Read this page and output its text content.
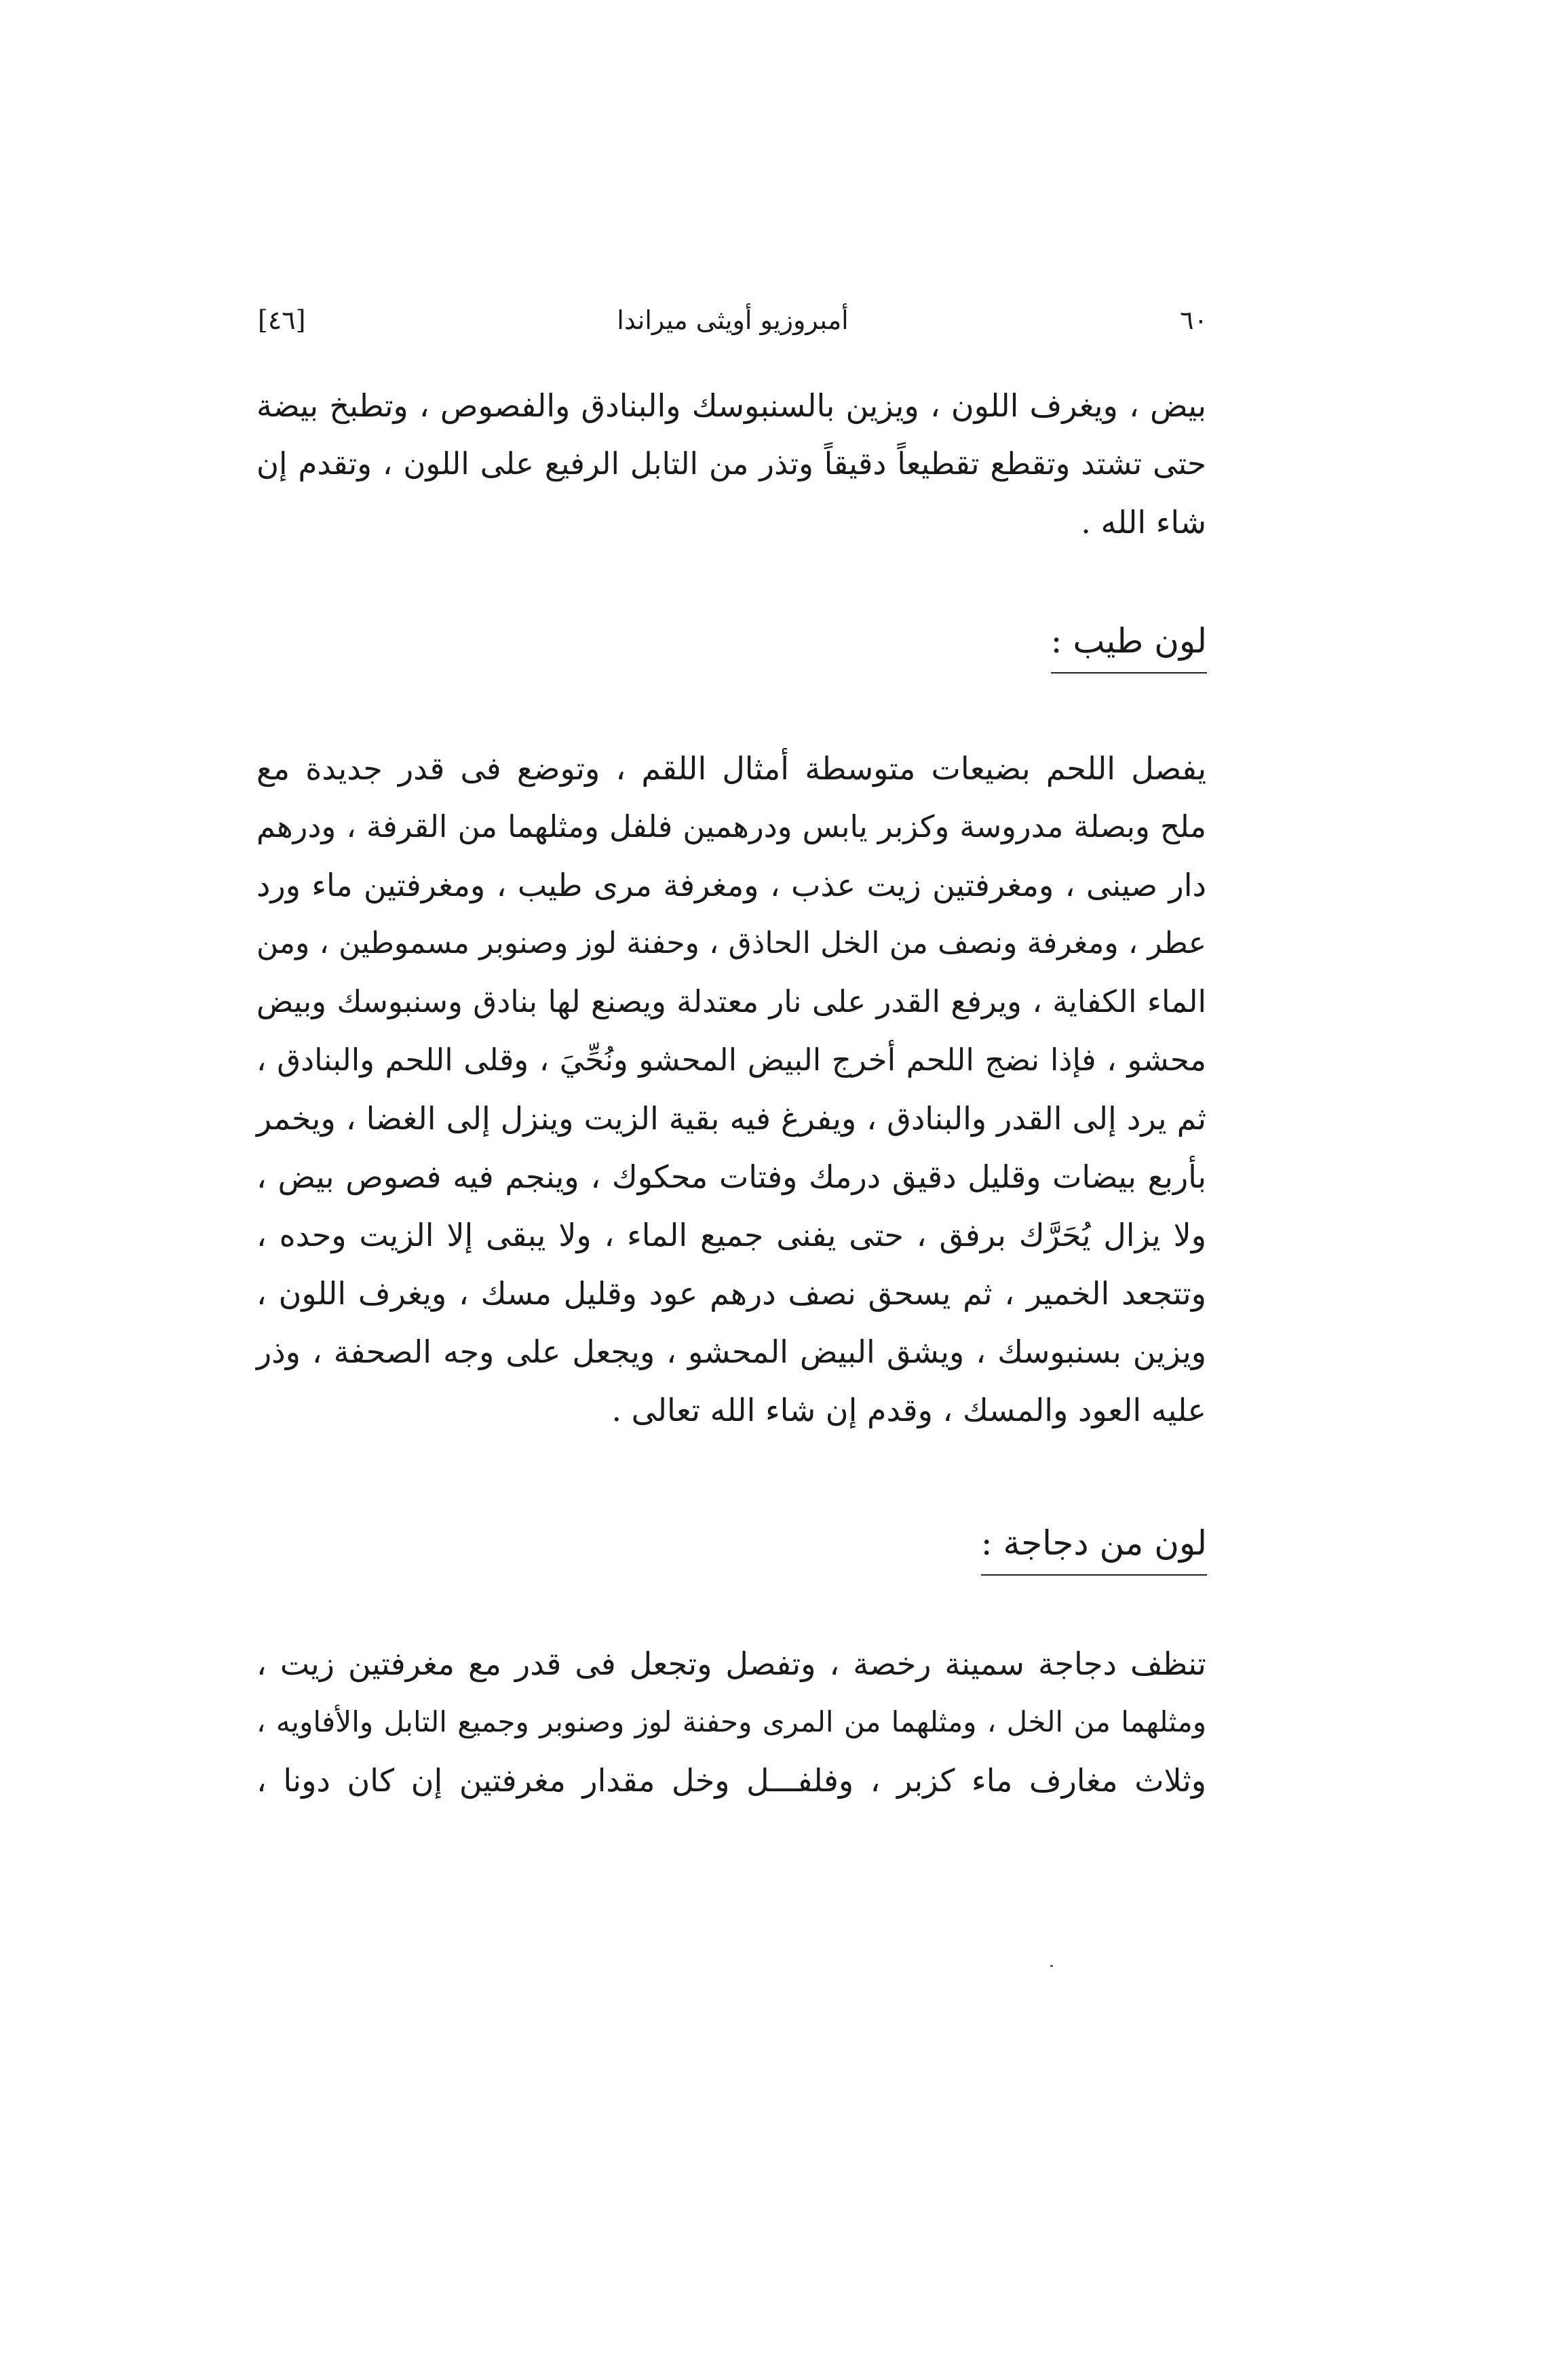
٦٠
أمبروزيو أويثى ميراندا
[٤٦]
بيض ، ويغرف اللون ، ويزين بالسنبوسك والبنادق والفصوص ، وتطبخ بيضة
حتى تشتد وتقطع تقطيعاً دقيقاً وتذر من التابل الرفيع على اللون ، وتقدم إن
شاء الله .
لون طيب :
يفصل اللحم بضيعات متوسطة أمثال اللقم ، وتوضع فى قدر جديدة مع
ملح وبصلة مدروسة وكزبر يابس ودرهمين فلفل ومثلهما من القرفة ، ودرهم
دار صينى ، ومغرفتين زيت عذب ، ومغرفة مرى طيب ، ومغرفتين ماء ورد
عطر ، ومغرفة ونصف من الخل الحاذق ، وحفنة لوز وصنوبر مسموطين ، ومن
الماء الكفاية ، ويرفع القدر على نار معتدلة ويصنع لها بنادق وسنبوسك وبيض
محشو ، فإذا نضج اللحم أخرج البيض المحشو ونُحِّيَ ، وقلى اللحم والبنادق ،
ثم يرد إلى القدر والبنادق ، ويفرغ فيه بقية الزيت وينزل إلى الغضا ، ويخمر
بأربع بيضات وقليل دقيق درمك وفتات محكوك ، وينجم فيه فصوص بيض ،
ولا يزال يُحَرَّك برفق ، حتى يفنى جميع الماء ، ولا يبقى إلا الزيت وحده ،
وتتجعد الخمير ، ثم يسحق نصف درهم عود وقليل مسك ، ويغرف اللون ،
ويزين بسنبوسك ، ويشق البيض المحشو ، ويجعل على وجه الصحفة ، وذر
عليه العود والمسك ، وقدم إن شاء الله تعالى .
لون من دجاجة :
تنظف دجاجة سمينة رخصة ، وتفصل وتجعل فى قدر مع مغرفتين زيت ،
ومثلهما من الخل ، ومثلهما من المرى وحفنة لوز وصنوبر وجميع التابل والأفاويه ،
وثلاث مغارف ماء كزبر ، وفلفـــل وخل مقدار مغرفتين إن كان دونا ،
